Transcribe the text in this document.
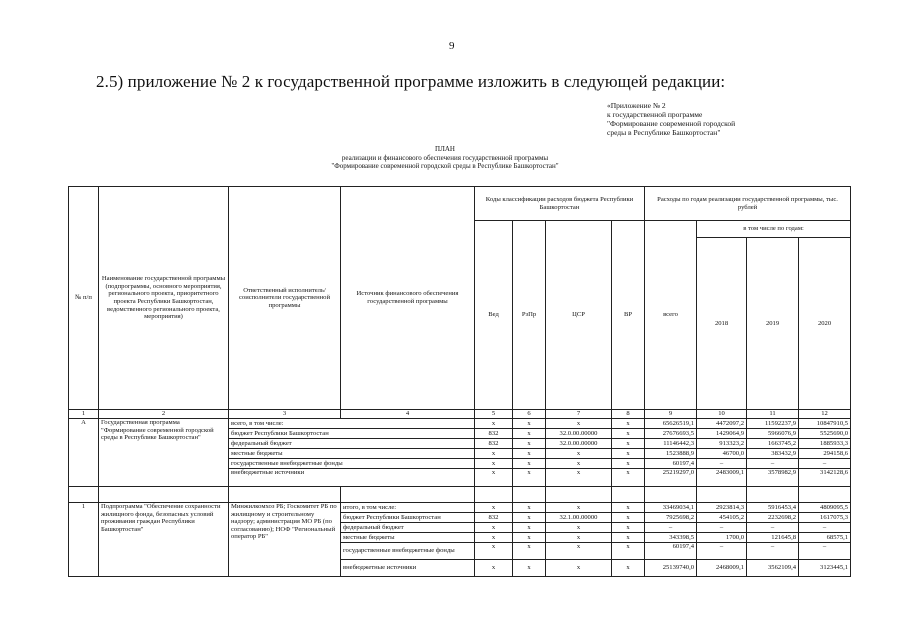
9
2.5) приложение № 2 к государственной программе изложить в следующей редакции:
«Приложение № 2
к государственной программе
"Формирование современной городской
среды в Республике Башкортостан"
ПЛАН
реализации и финансового обеспечения государственной программы
"Формирование современной городской среды в Республике Башкортостан"
№ п/п	Наименование государственной программы (подпрограммы, основного мероприятия, регионального проекта, приоритетного проекта Республики Башкортостан, ведомственного регионального проекта, мероприятия)	Ответственный исполнитель/ соисполнители государственной программы	Источник финансового обеспечения государственной программы	Коды классификации расходов бюджета Республики Башкортостан				Расходы по годам реализации государственной программы, тыс. рублей			
				Вед	РзПр	ЦСР	ВР	всего	в том числе по годам:		
									2018	2019	2020
1	2	3	4	5	6	7	8	9	10	11	12
А	Государственная программа "Формирование современной городской среды в Республике Башкортостан"	всего, в том числе:		х	х	х	х	65626519,1	4472097,2	11592237,9	10847910,5
		бюджет Республики Башкортостан		832	х	32.0.00.00000	х	27676693,5	1429064,9	5966076,9	5525690,0
		федеральный бюджет		832	х	32.0.00.00000	х	11146442,3	913323,2	1663745,2	1885933,3
		местные бюджеты		х	х	х	х	1523888,9	46700,0	383432,9	294158,6
		государственные внебюджетные фонды		х	х	х	х	60197,4	–	–	–
		внебюджетные источники		х	х	х	х	25219297,0	2483009,1	3578982,9	3142128,6

1	Подпрограмма "Обеспечение сохранности жилищного фонда, безопасных условий проживания граждан Республики Башкортостан"	Минжилкомхоз РБ; Госкомитет РБ по жилищному и строительному надзору; администрация МО РБ (по согласованию); НОФ "Региональный оператор РБ"	итого, в том числе:	х	х	х	х	33469034,1	2923814,3	5916453,4	4809095,5
			бюджет Республики Башкортостан	832	х	32.1.00.00000	х	7925698,2	454105,2	2232698,2	1617075,3
			федеральный бюджет	х	х	х	х	–	–	–	–
			местные бюджеты	х	х	х	х	343398,5	1700,0	121645,8	68575,1
			государственные внебюджетные фонды	х	х	х	х	60197,4	–	–	–
			внебюджетные источники	х	х	х	х	25139740,0	2468009,1	3562109,4	3123445,1
